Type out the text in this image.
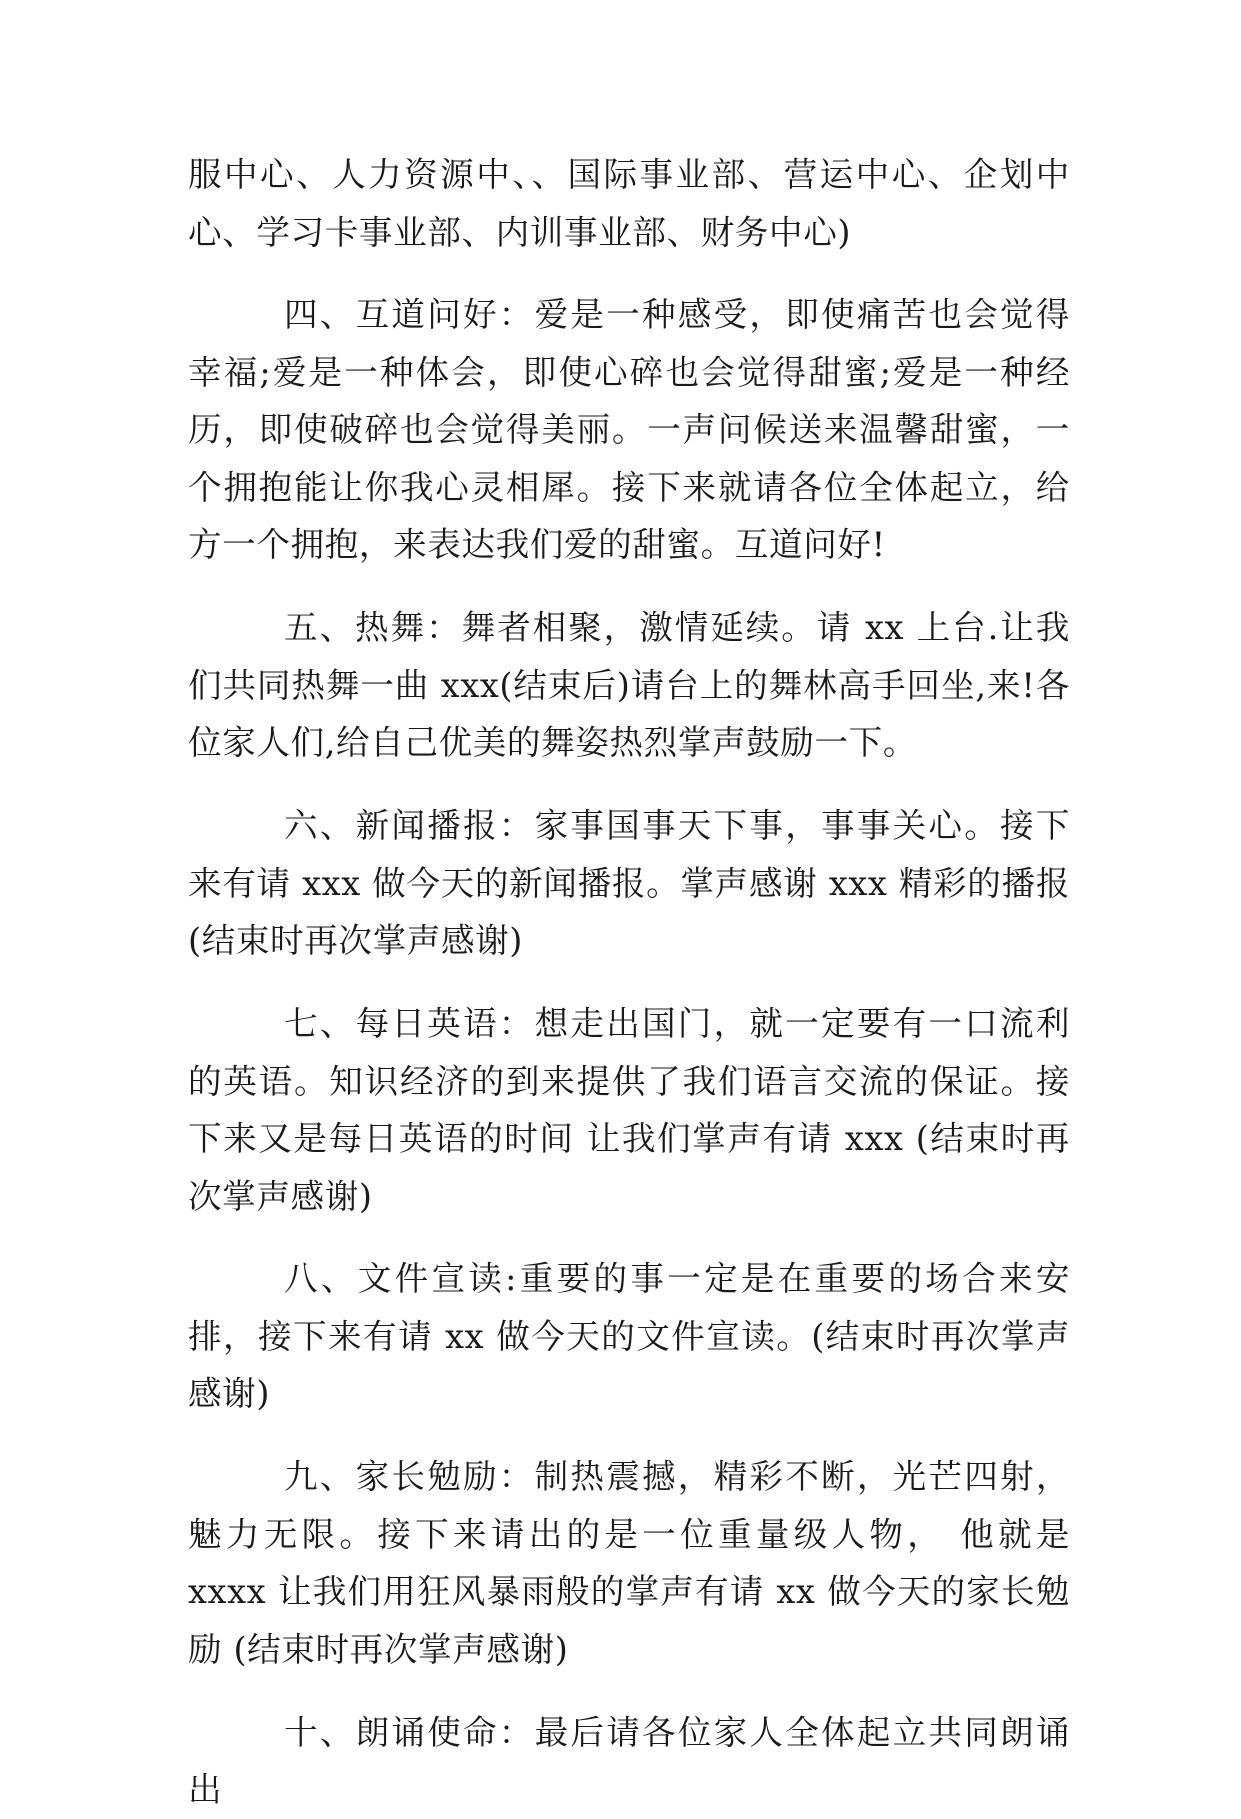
服中心、人力资源中、、国际事业部、营运中心、企划中心、学习卡事业部、内训事业部、财务中心)

四、互道问好：爱是一种感受，即使痛苦也会觉得幸福;爱是一种体会，即使心碎也会觉得甜蜜;爱是一种经历，即使破碎也会觉得美丽。一声问候送来温馨甜蜜，一个拥抱能让你我心灵相犀。接下来就请各位全体起立，给方一个拥抱，来表达我们爱的甜蜜。互道问好!

五、热舞：舞者相聚，激情延续。请 xx 上台.让我们共同热舞一曲 xxx(结束后)请台上的舞林高手回坐,来!各位家人们,给自己优美的舞姿热烈掌声鼓励一下。

六、新闻播报：家事国事天下事，事事关心。接下来有请 xxx 做今天的新闻播报。掌声感谢 xxx 精彩的播报(结束时再次掌声感谢)

七、每日英语：想走出国门，就一定要有一口流利的英语。知识经济的到来提供了我们语言交流的保证。接下来又是每日英语的时间 让我们掌声有请 xxx (结束时再次掌声感谢)

八、文件宣读:重要的事一定是在重要的场合来安排，接下来有请 xx 做今天的文件宣读。(结束时再次掌声感谢)

九、家长勉励：制热震撼，精彩不断，光芒四射，魅力无限。接下来请出的是一位重量级人物， 他就是 xxxx 让我们用狂风暴雨般的掌声有请 xx 做今天的家长勉励 (结束时再次掌声感谢)

十、朗诵使命：最后请各位家人全体起立共同朗诵出
